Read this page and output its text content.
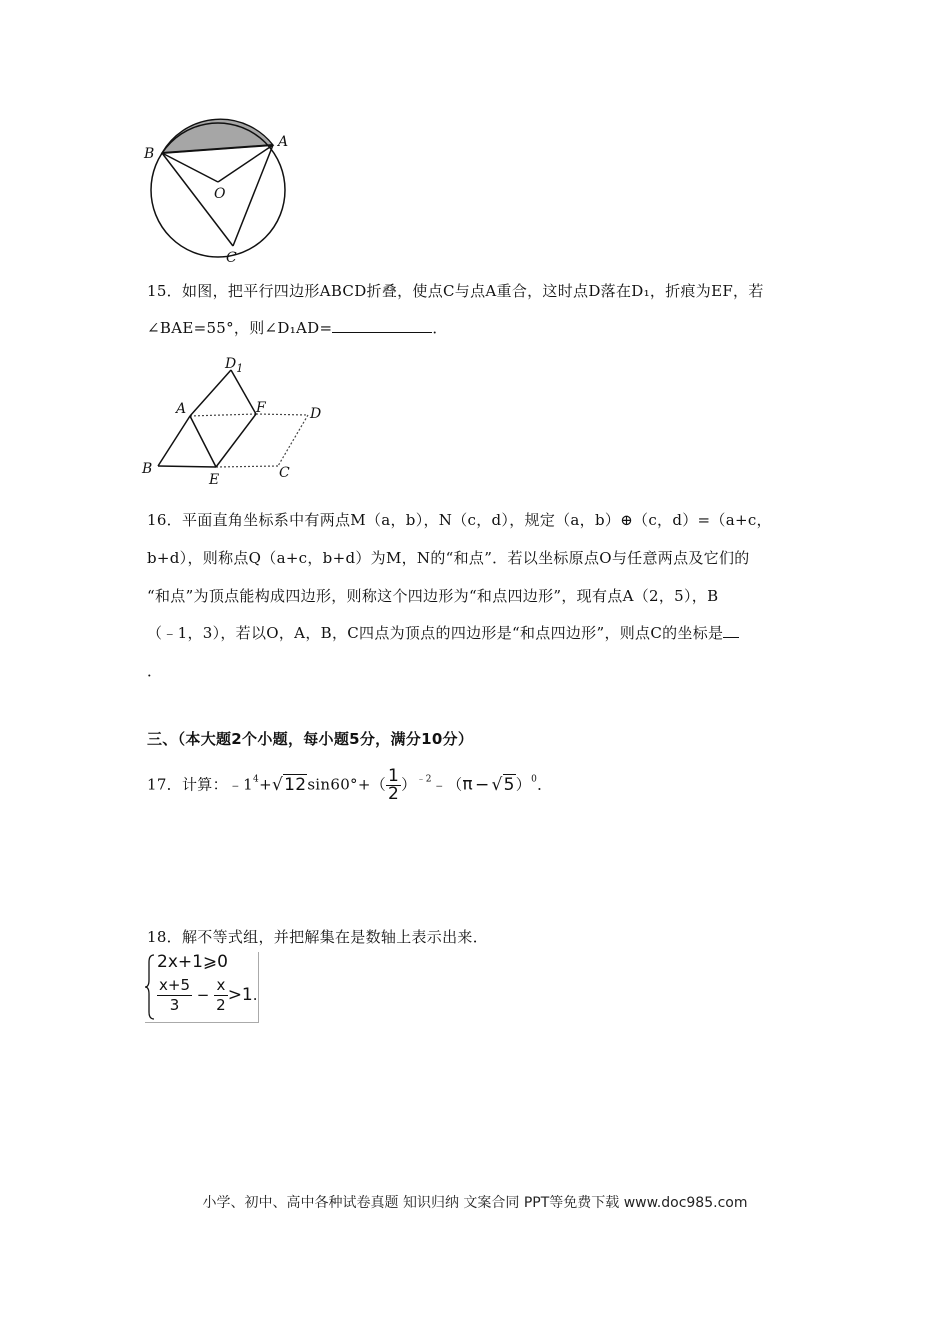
B
A
O
C
15．如图，把平行四边形ABCD折叠，使点C与点A重合，这时点D落在D₁，折痕为EF，若
∠BAE=55°，则∠D₁AD=	．
$D_1$
A	F	D
B
E	C
16．平面直角坐标系中有两点M（a，b），N（c，d），规定（a，b）⊕（c，d）=（a+c，
b+d），则称点Q（a+c，b+d）为M，N的“和点”．若以坐标原点O与任意两点及它们的
“和点”为顶点能构成四边形，则称这个四边形为“和点四边形”，现有点A（2，5），B
（﹣1，3），若以O，A，B，C四点为顶点的四边形是“和点四边形”，则点C的坐标是
．
三、（本大题2个小题，每小题5分，满分10分）
17．计算：$﹣1^4+√12\sin 60^\circ+( \frac{1}{2}$ ）$^{﹣2}$﹣（π − √5）$^0$．
18．解不等式组，并把解集在是数轴上表示出来．
2x+1⩾0
$\frac{x+5}{3} - \frac{x}{2} >1$.
小学、初中、高中各种试卷真题 知识归纳 文案合同 PPT等免费下载 www.doc985.com
